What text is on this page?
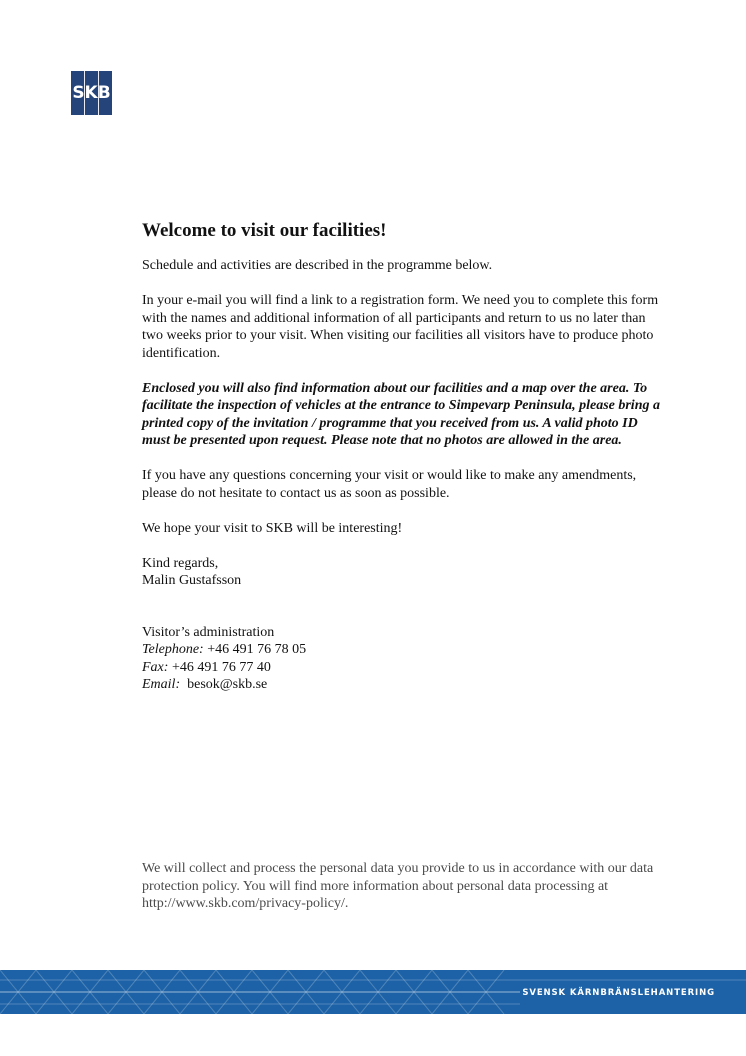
SKB
Welcome to visit our facilities!

Schedule and activities are described in the programme below.

In your e-mail you will find a link to a registration form. We need you to complete this form with the names and additional information of all participants and return to us no later than two weeks prior to your visit. When visiting our facilities all visitors have to produce photo identification.

Enclosed you will also find information about our facilities and a map over the area. To facilitate the inspection of vehicles at the entrance to Simpevarp Peninsula, please bring a printed copy of the invitation / programme that you received from us. A valid photo ID must be presented upon request. Please note that no photos are allowed in the area.

If you have any questions concerning your visit or would like to make any amendments, please do not hesitate to contact us as soon as possible.

We hope your visit to SKB will be interesting!

Kind regards,
Malin Gustafsson

Visitor’s administration
Telephone: +46 491 76 78 05
Fax: +46 491 76 77 40
Email:  besok@skb.se
We will collect and process the personal data you provide to us in accordance with our data protection policy. You will find more information about personal data processing at http://www.skb.com/privacy-policy/.
SVENSK KÄRNBRÄNSLEHANTERING
